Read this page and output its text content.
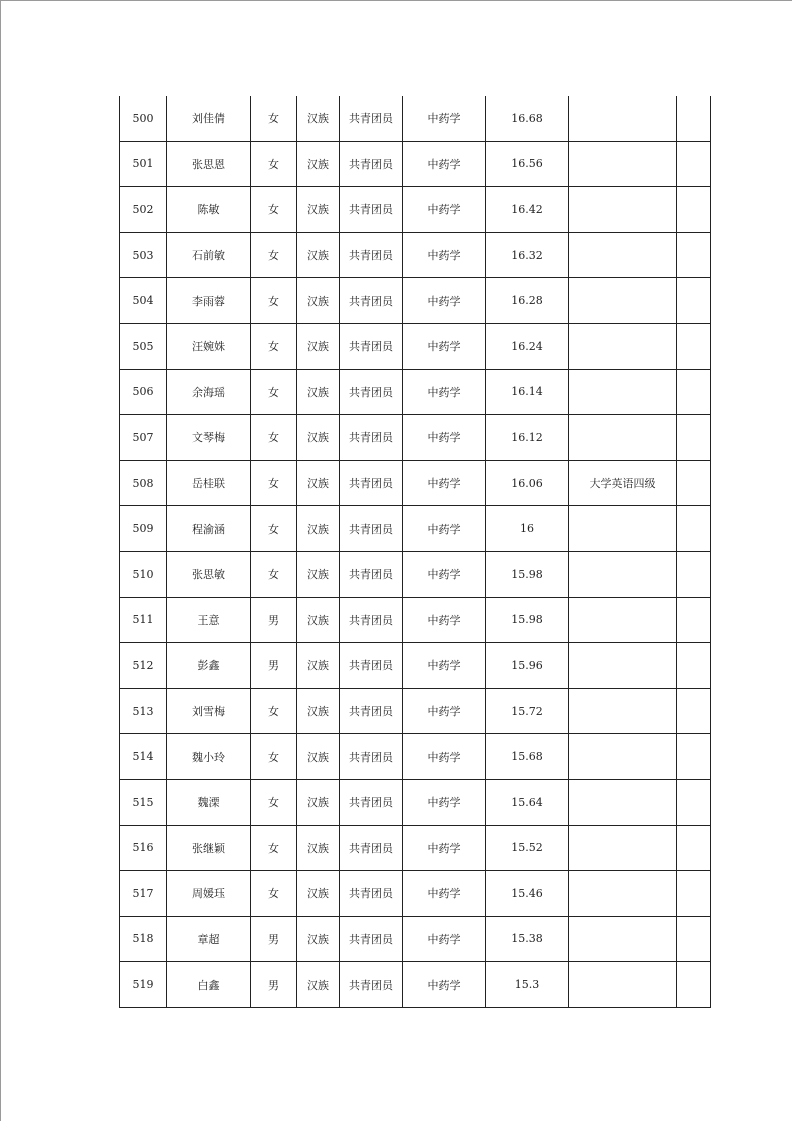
500	刘佳倩	女	汉族	共青团员	中药学	16.68		
501	张思恩	女	汉族	共青团员	中药学	16.56		
502	陈敏	女	汉族	共青团员	中药学	16.42		
503	石前敏	女	汉族	共青团员	中药学	16.32		
504	李雨蓉	女	汉族	共青团员	中药学	16.28		
505	汪婉姝	女	汉族	共青团员	中药学	16.24		
506	余海瑶	女	汉族	共青团员	中药学	16.14		
507	文琴梅	女	汉族	共青团员	中药学	16.12		
508	岳桂联	女	汉族	共青团员	中药学	16.06	大学英语四级	
509	程渝涵	女	汉族	共青团员	中药学	16		
510	张思敏	女	汉族	共青团员	中药学	15.98		
511	王意	男	汉族	共青团员	中药学	15.98		
512	彭鑫	男	汉族	共青团员	中药学	15.96		
513	刘雪梅	女	汉族	共青团员	中药学	15.72		
514	魏小玲	女	汉族	共青团员	中药学	15.68		
515	魏溧	女	汉族	共青团员	中药学	15.64		
516	张继颖	女	汉族	共青团员	中药学	15.52		
517	周媛珏	女	汉族	共青团员	中药学	15.46		
518	章超	男	汉族	共青团员	中药学	15.38		
519	白鑫	男	汉族	共青团员	中药学	15.3		
